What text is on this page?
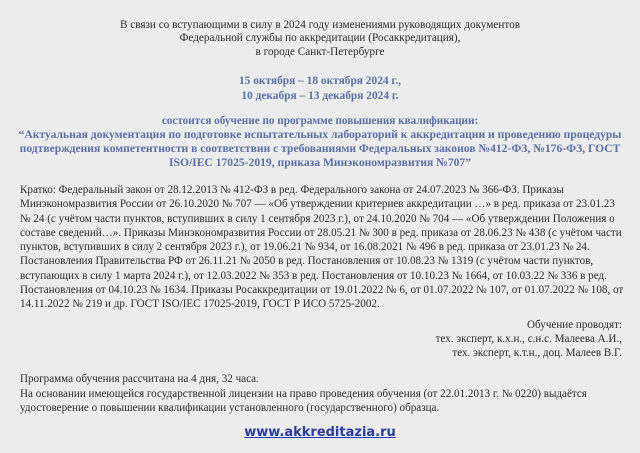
В связи со вступающими в силу в 2024 году изменениями руководящих документов
Федеральной службы по аккредитации (Росаккредитация),
в городе Санкт-Петербурге
15 октября – 18 октября 2024 г.,
10 декабря – 13 декабря 2024 г.
состоится обучение по программе повышения квалификации:
“Актуальная документация по подготовке испытательных лабораторий к аккредитации и проведению процедуры подтверждения компетентности в соответствии с требованиями Федеральных законов №412-ФЗ, №176-ФЗ, ГОСТ ISO/IEC 17025-2019, приказа Минэкономразвития №707”
Кратко: Федеральный закон от 28.12.2013 № 412-ФЗ в ред. Федерального закона от 24.07.2023 № 366-ФЗ. Приказы Минэкономразвития России от 26.10.2020 № 707 — «Об утверждении критериев аккредитации …» в ред. приказа от 23.01.23 № 24 (с учётом части пунктов, вступивших в силу 1 сентября 2023 г.), от 24.10.2020 № 704 — «Об утверждении Положения о составе сведений…». Приказы Минэкономразвития России от 28.05.21 № 300 в ред. приказа от 28.06.23 № 438 (с учётом части пунктов, вступивших в силу 2 сентября 2023 г.), от 19.06.21 № 934, от 16.08.2021 № 496 в ред. приказа от 23.01.23 № 24. Постановления Правительства РФ от 26.11.21 № 2050 в ред. Постановления от 10.08.23 № 1319 (с учётом части пунктов, вступающих в силу 1 марта 2024 г.), от 12.03.2022 № 353 в ред. Постановления от 10.10.23 № 1664, от 10.03.22 № 336 в ред. Постановления от 04.10.23 № 1634. Приказы Росаккредитации от 19.01.2022 № 6, от 01.07.2022 № 107, от 01.07.2022 № 108, от 14.11.2022 № 219 и др. ГОСТ ISO/IEC 17025-2019, ГОСТ Р ИСО 5725-2002.
Обучение проводят:
тех. эксперт, к.х.н., с.н.с. Малеева А.И.,
тех. эксперт, к.т.н., доц. Малеев В.Г.
Программа обучения рассчитана на 4 дня, 32 часа.
На основании имеющейся государственной лицензии на право проведения обучения (от 22.01.2013 г. № 0220) выдаётся удостоверение о повышении квалификации установленного (государственного) образца.
www.akkreditazia.ru
